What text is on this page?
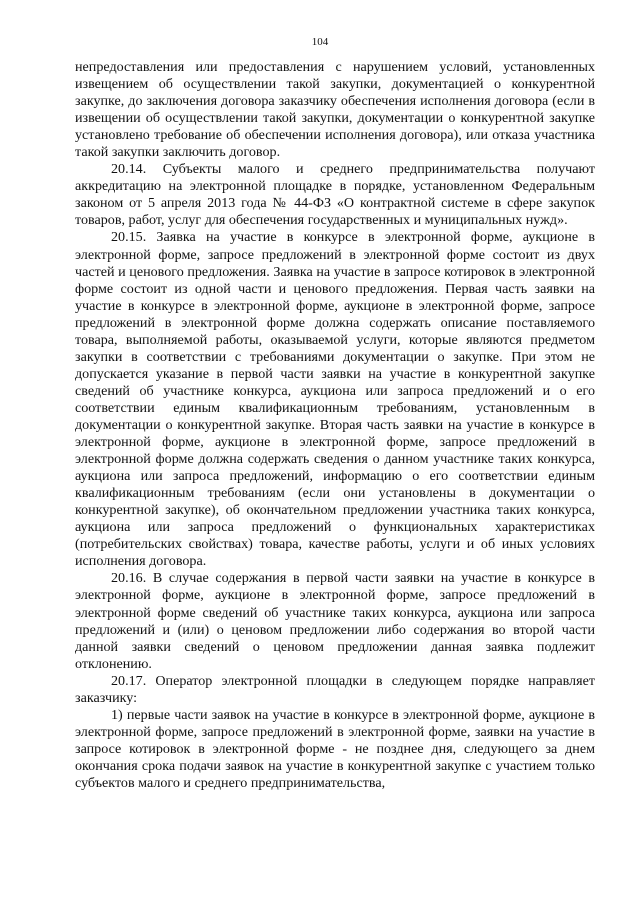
104

непредоставления или предоставления с нарушением условий, установленных извещением об осуществлении такой закупки, документацией о конкурентной закупке, до заключения договора заказчику обеспечения исполнения договора (если в извещении об осуществлении такой закупки, документации о конкурентной закупке установлено требование об обеспечении исполнения договора), или отказа участника такой закупки заключить договор.

20.14. Субъекты малого и среднего предпринимательства получают аккредитацию на электронной площадке в порядке, установленном Федеральным законом от 5 апреля 2013 года № 44-ФЗ «О контрактной системе в сфере закупок товаров, работ, услуг для обеспечения государственных и муниципальных нужд».

20.15. Заявка на участие в конкурсе в электронной форме, аукционе в электронной форме, запросе предложений в электронной форме состоит из двух частей и ценового предложения. Заявка на участие в запросе котировок в электронной форме состоит из одной части и ценового предложения. Первая часть заявки на участие в конкурсе в электронной форме, аукционе в электронной форме, запросе предложений в электронной форме должна содержать описание поставляемого товара, выполняемой работы, оказываемой услуги, которые являются предметом закупки в соответствии с требованиями документации о закупке. При этом не допускается указание в первой части заявки на участие в конкурентной закупке сведений об участнике конкурса, аукциона или запроса предложений и о его соответствии единым квалификационным требованиям, установленным в документации о конкурентной закупке. Вторая часть заявки на участие в конкурсе в электронной форме, аукционе в электронной форме, запросе предложений в электронной форме должна содержать сведения о данном участнике таких конкурса, аукциона или запроса предложений, информацию о его соответствии единым квалификационным требованиям (если они установлены в документации о конкурентной закупке), об окончательном предложении участника таких конкурса, аукциона или запроса предложений о функциональных характеристиках (потребительских свойствах) товара, качестве работы, услуги и об иных условиях исполнения договора.

20.16. В случае содержания в первой части заявки на участие в конкурсе в электронной форме, аукционе в электронной форме, запросе предложений в электронной форме сведений об участнике таких конкурса, аукциона или запроса предложений и (или) о ценовом предложении либо содержания во второй части данной заявки сведений о ценовом предложении данная заявка подлежит отклонению.

20.17. Оператор электронной площадки в следующем порядке направляет заказчику:

1) первые части заявок на участие в конкурсе в электронной форме, аукционе в электронной форме, запросе предложений в электронной форме, заявки на участие в запросе котировок в электронной форме - не позднее дня, следующего за днем окончания срока подачи заявок на участие в конкурентной закупке с участием только субъектов малого и среднего предпринимательства,
